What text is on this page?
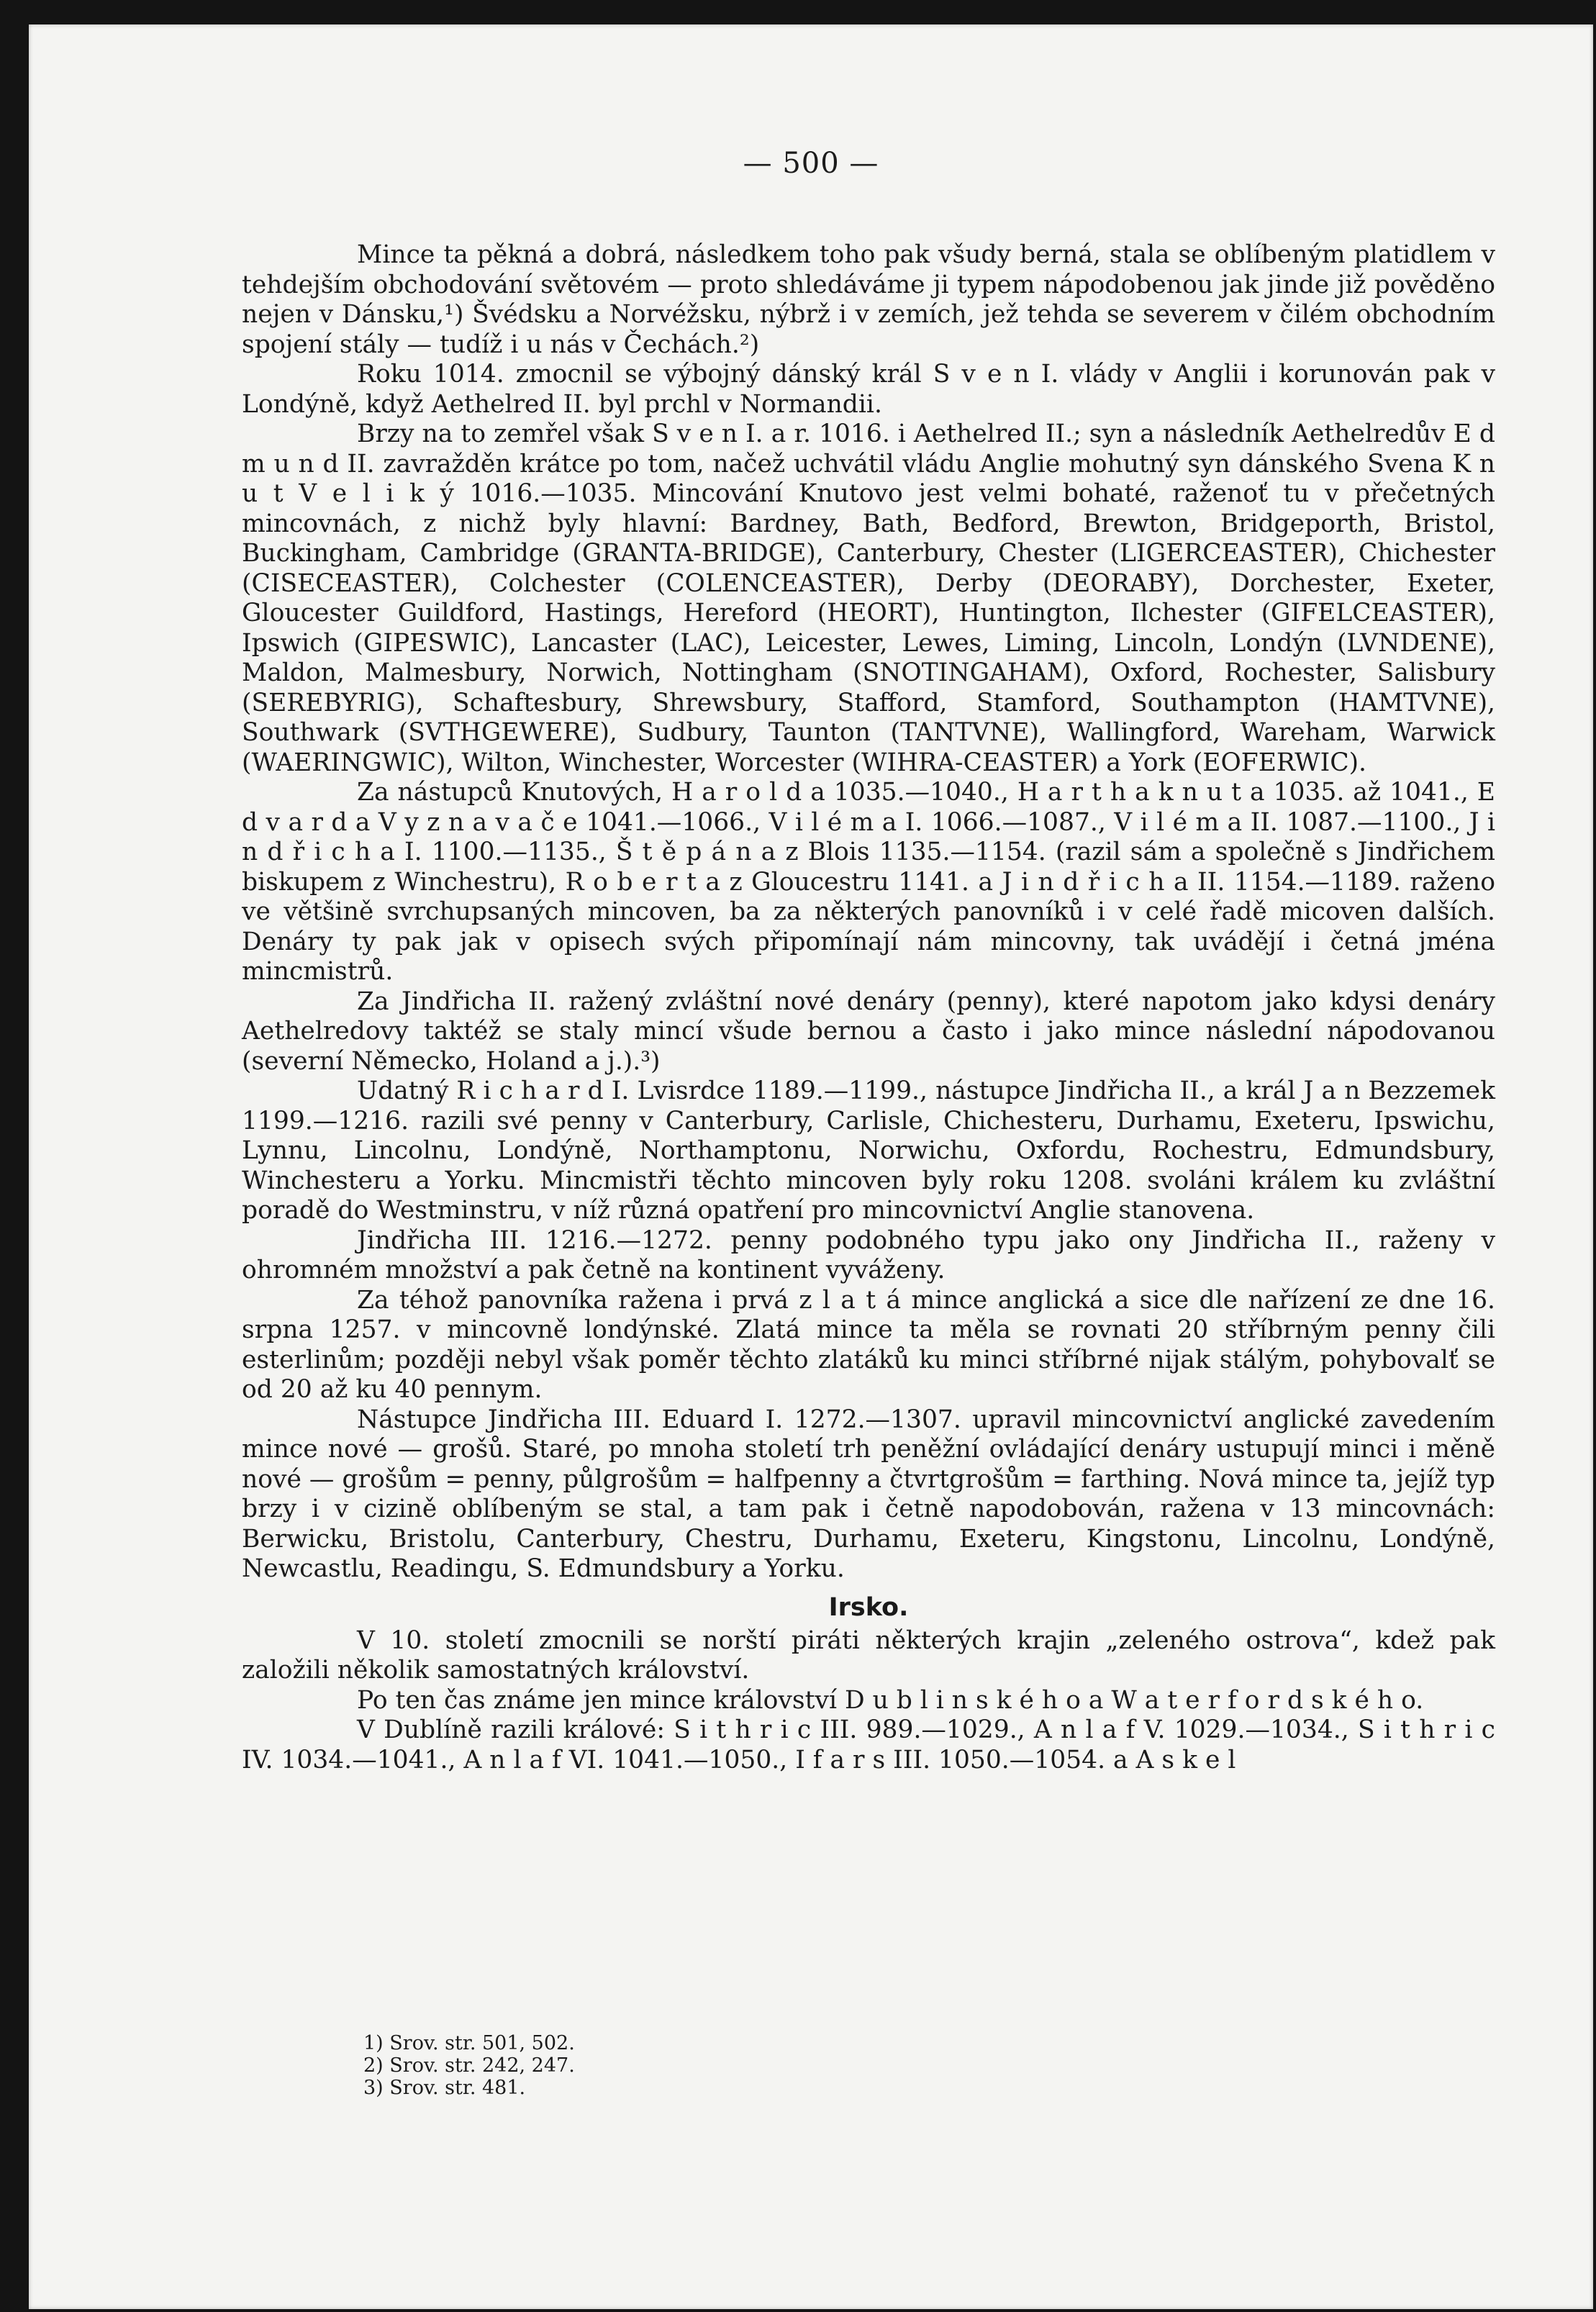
— 500 —

Mince ta pěkná a dobrá, následkem toho pak všudy berná, stala se oblíbeným platidlem v tehdejším obchodování světovém — proto shledáváme ji typem nápodobenou jak jinde již pověděno nejen v Dánsku,¹) Švédsku a Norvéžsku, nýbrž i v zemích, jež tehda se severem v čilém obchodním spojení stály — tudíž i u nás v Čechách.²)

Roku 1014. zmocnil se výbojný dánský král S v e n I. vlády v Anglii i korunován pak v Londýně, když Aethelred II. byl prchl v Normandii.

Brzy na to zemřel však S v e n I. a r. 1016. i Aethelred II.; syn a následník Aethelredův E d m u n d II. zavražděn krátce po tom, načež uchvátil vládu Anglie mohutný syn dánského Svena K n u t V e l i k ý 1016.—1035. Mincování Knutovo jest velmi bohaté, raženoť tu v přečetných mincovnách, z nichž byly hlavní: Bardney, Bath, Bedford, Brewton, Bridgeporth, Bristol, Buckingham, Cambridge (GRANTA-BRIDGE), Canterbury, Chester (LIGERCEASTER), Chichester (CISECEASTER), Colchester (COLENCEASTER), Derby (DEORABY), Dorchester, Exeter, Gloucester Guildford, Hastings, Hereford (HEORT), Huntington, Ilchester (GIFELCEASTER), Ipswich (GIPESWIC), Lancaster (LAC), Leicester, Lewes, Liming, Lincoln, Londýn (LVNDENE), Maldon, Malmesbury, Norwich, Nottingham (SNOTINGAHAM), Oxford, Rochester, Salisbury (SEREBYRIG), Schaftesbury, Shrewsbury, Stafford, Stamford, Southampton (HAMTVNE), Southwark (SVTHGEWERE), Sudbury, Taunton (TANTVNE), Wallingford, Wareham, Warwick (WAERINGWIC), Wilton, Winchester, Worcester (WIHRA-CEASTER) a York (EOFERWIC).

Za nástupců Knutových, H a r o l d a 1035.—1040., H a r t h a k n u t a 1035. až 1041., E d v a r d a V y z n a v a č e 1041.—1066., V i l é m a I. 1066.—1087., V i l é m a II. 1087.—1100., J i n d ř i c h a I. 1100.—1135., Š t ě p á n a z Blois 1135.—1154. (razil sám a společně s Jindřichem biskupem z Winchestru), R o b e r t a z Gloucestru 1141. a J i n d ř i c h a II. 1154.—1189. raženo ve většině svrchupsaných mincoven, ba za některých panovníků i v celé řadě micoven dalších. Denáry ty pak jak v opisech svých připomínají nám mincovny, tak uvádějí i četná jména mincmistrů.

Za Jindřicha II. ražený zvláštní nové denáry (penny), které napotom jako kdysi denáry Aethelredovy taktéž se staly mincí všude bernou a často i jako mince následní nápodovanou (severní Německo, Holand a j.).³)

Udatný R i c h a r d I. Lvisrdce 1189.—1199., nástupce Jindřicha II., a král J a n Bezzemek 1199.—1216. razili své penny v Canterbury, Carlisle, Chichesteru, Durhamu, Exeteru, Ipswichu, Lynnu, Lincolnu, Londýně, Northamptonu, Norwichu, Oxfordu, Rochestru, Edmundsbury, Winchesteru a Yorku. Mincmistři těchto mincoven byly roku 1208. svoláni králem ku zvláštní poradě do Westminstru, v níž různá opatření pro mincovnictví Anglie stanovena.

Jindřicha III. 1216.—1272. penny podobného typu jako ony Jindřicha II., raženy v ohromném množství a pak četně na kontinent vyváženy.

Za téhož panovníka ražena i prvá z l a t á mince anglická a sice dle nařízení ze dne 16. srpna 1257. v mincovně londýnské. Zlatá mince ta měla se rovnati 20 stříbrným penny čili esterlinům; později nebyl však poměr těchto zlatáků ku minci stříbrné nijak stálým, pohybovalť se od 20 až ku 40 pennym.

Nástupce Jindřicha III. Eduard I. 1272.—1307. upravil mincovnictví anglické zavedením mince nové — grošů. Staré, po mnoha století trh peněžní ovládající denáry ustupují minci i měně nové — grošům = penny, půlgrošům = halfpenny a čtvrtgrošům = farthing. Nová mince ta, jejíž typ brzy i v cizině oblíbeným se stal, a tam pak i četně napodobován, ražena v 13 mincovnách: Berwicku, Bristolu, Canterbury, Chestru, Durhamu, Exeteru, Kingstonu, Lincolnu, Londýně, Newcastlu, Readingu, S. Edmundsbury a Yorku.

Irsko.

V 10. století zmocnili se norští piráti některých krajin „zeleného ostrova“, kdež pak založili několik samostatných království.

Po ten čas známe jen mince království D u b l i n s k é h o a W a t e r f o r d s k é h o.

V Dublíně razili králové: S i t h r i c III. 989.—1029., A n l a f V. 1029.—1034., S i t h r i c IV. 1034.—1041., A n l a f VI. 1041.—1050., I f a r s III. 1050.—1054. a A s k e l

1) Srov. str. 501, 502.
2) Srov. str. 242, 247.
3) Srov. str. 481.
